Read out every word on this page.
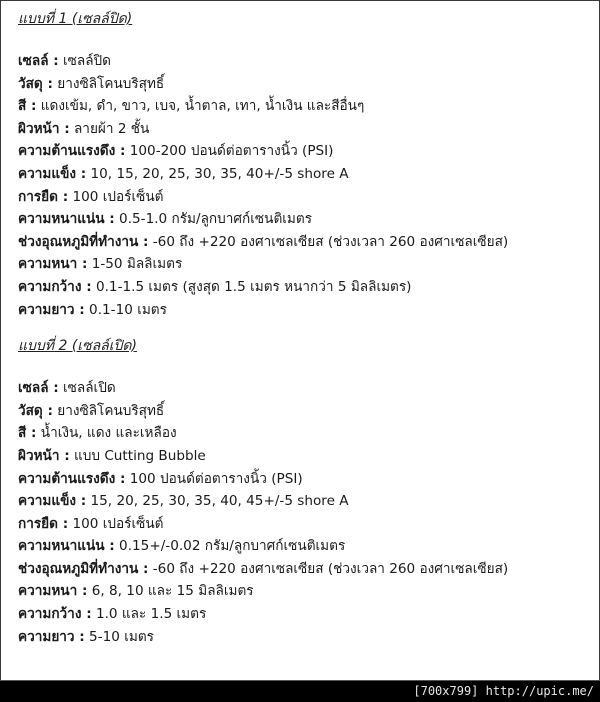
แบบที่ 1 (เซลล์ปิด)
เซลล์ : เซลล์ปิด
วัสดุ : ยางซิลิโคนบริสุทธิ์
สี : แดงเข้ม, ดำ, ขาว, เบจ, น้ำตาล, เทา, น้ำเงิน และสีอื่นๆ
ผิวหน้า : ลายผ้า 2 ชั้น
ความต้านแรงดึง : 100-200 ปอนด์ต่อตารางนิ้ว (PSI)
ความแข็ง : 10, 15, 20, 25, 30, 35, 40+/-5 shore A
การยืด : 100 เปอร์เซ็นต์
ความหนาแน่น : 0.5-1.0 กรัม/ลูกบาศก์เซนติเมตร
ช่วงอุณหภูมิที่ทำงาน : -60 ถึง +220 องศาเซลเซียส (ช่วงเวลา 260 องศาเซลเซียส)
ความหนา : 1-50 มิลลิเมตร
ความกว้าง : 0.1-1.5 เมตร (สูงสุด 1.5 เมตร หนากว่า 5 มิลลิเมตร)
ความยาว : 0.1-10 เมตร
แบบที่ 2 (เซลล์เปิด)
เซลล์ : เซลล์เปิด
วัสดุ : ยางซิลิโคนบริสุทธิ์
สี : น้ำเงิน, แดง และเหลือง
ผิวหน้า : แบบ Cutting Bubble
ความต้านแรงดึง : 100 ปอนด์ต่อตารางนิ้ว (PSI)
ความแข็ง : 15, 20, 25, 30, 35, 40, 45+/-5 shore A
การยืด : 100 เปอร์เซ็นต์
ความหนาแน่น : 0.15+/-0.02 กรัม/ลูกบาศก์เซนติเมตร
ช่วงอุณหภูมิที่ทำงาน : -60 ถึง +220 องศาเซลเซียส (ช่วงเวลา 260 องศาเซลเซียส)
ความหนา : 6, 8, 10 และ 15 มิลลิเมตร
ความกว้าง : 1.0 และ 1.5 เมตร
ความยาว : 5-10 เมตร
[700x799] http://upic.me/
